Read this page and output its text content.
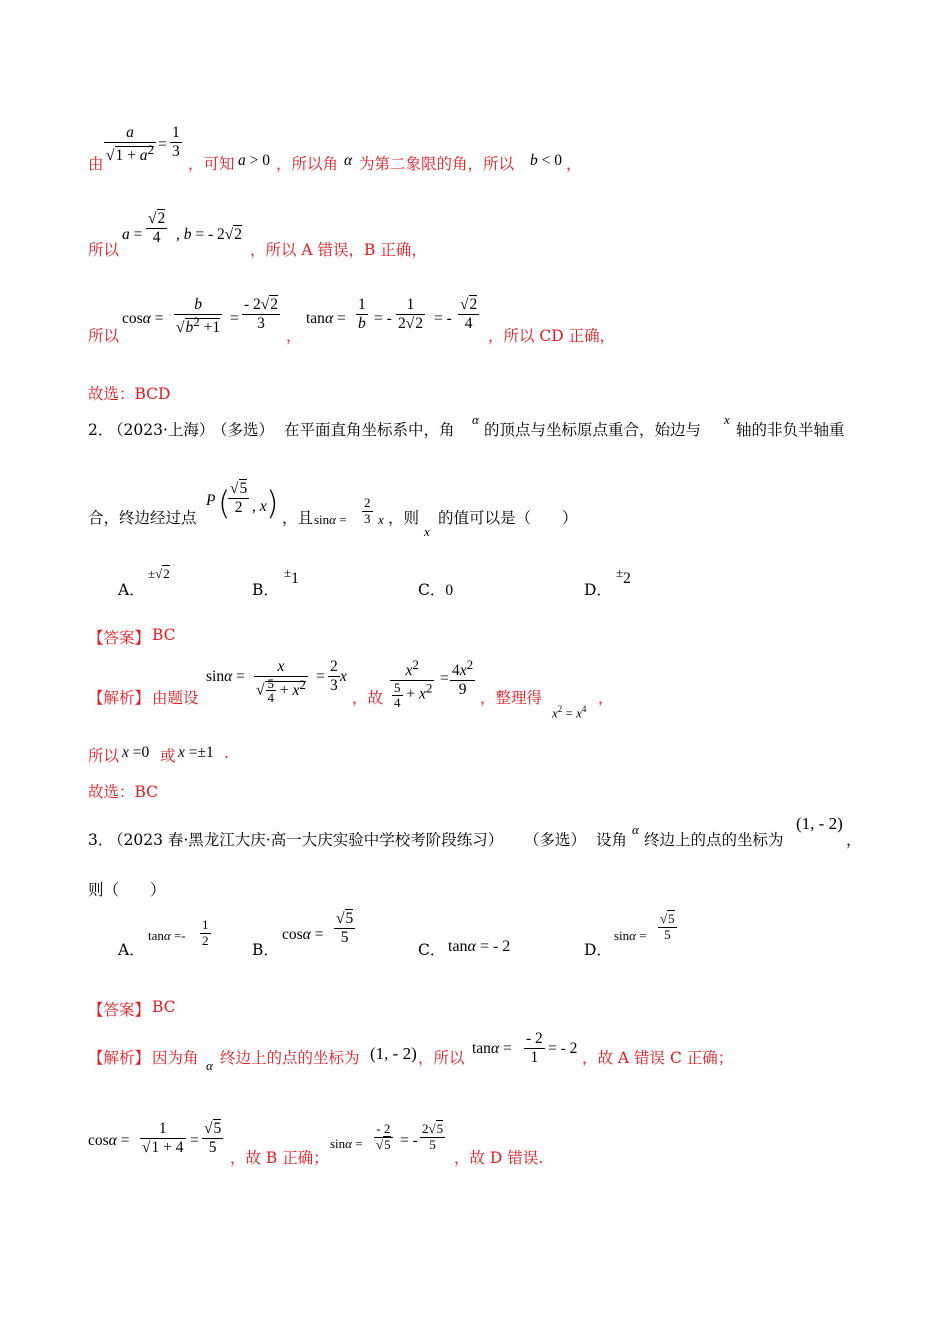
由
a
$√1 + a^2$ =
1
3
，可知 a > 0 ，所以角 α 为第二象限的角，所以 b < 0 ，
所以
a =
√2
4	, b = - 2√2
，所以 A 错误，B 正确，
所以
cosα =
b
$√b^2 +1$
=
- 2√2
3
，
tanα =
1
b = -
1
2√2 = -
√2
4
，所以 CD 正确，
故选：BCD
2．
（2023·上海）
（多选） 在平面直角坐标系中，角
α
的顶点与坐标原点重合，始边与
x
轴的非负半轴重
合，终边经过点
P ( √5
2 , x ) ，且 sinα =
2
3 x ，则
x
的值可以是（　　）
A．
±√2
B．
±1
C．0	D．
±2
【答案】 BC
【解析】 由题设
sinα =
x
√ $\frac{5}{4} + x^2$ =
2
3
x
，故
$x^2$
$\frac{5}{4} + x^2$
= $4x^2$
9 ，整理得
$x^2 = x^4$
，
所以 x =0 或 x =±1 .
故选：BC
3．
（2023 春·黑龙江大庆·高一大庆实验中学校考阶段练习） （多选） 设角
α
终边上的点的坐标为
(1, - 2)
，
则（　　）
A．
tanα =-
1
2
B．
cosα =
√5
5
C． tanα = - 2	D．
sinα =
√5
5
【答案】 BC
【解析】 因为角 α 终边上的点的坐标为 (1, - 2) ，所以
tanα =
- 2
1
= - 2
，故 A 错误 C 正确；
cosα =
1
√1 + 4 =
√5
5
，故 B 正确；
sinα =
- 2
√5 = -
2√5
5
，故 D 错误.
